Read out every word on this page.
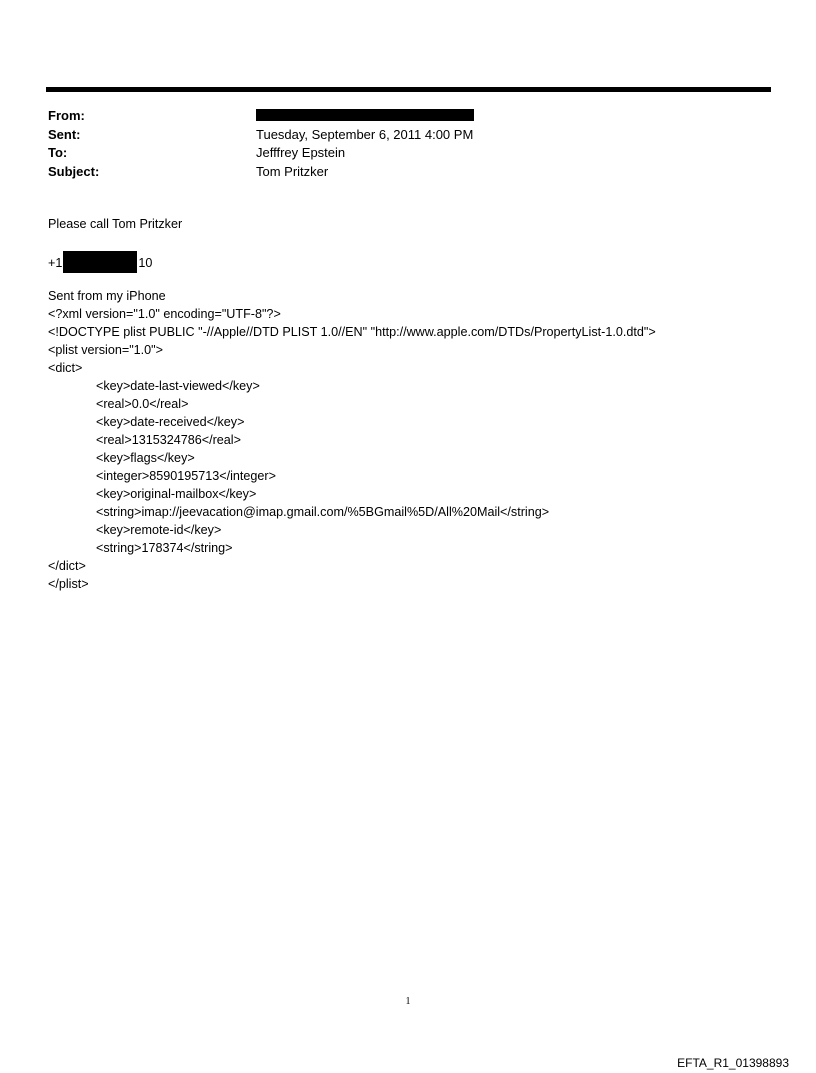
From:
Sent:	Tuesday, September 6, 2011 4:00 PM
To:	Jefffrey Epstein
Subject:	Tom Pritzker
Please call Tom Pritzker
+1	10
Sent from my iPhone
<?xml version="1.0" encoding="UTF-8"?>
<!DOCTYPE plist PUBLIC "-//Apple//DTD PLIST 1.0//EN" "http://www.apple.com/DTDs/PropertyList-1.0.dtd">
<plist version="1.0">
<dict>
<key>date-last-viewed</key>
<real>0.0</real>
<key>date-received</key>
<real>1315324786</real>
<key>flags</key>
<integer>8590195713</integer>
<key>original-mailbox</key>
<string>imap://jeevacation@imap.gmail.com/%5BGmail%5D/All%20Mail</string>
<key>remote-id</key>
<string>178374</string>
</dict>
</plist>
1
EFTA_R1_01398893
